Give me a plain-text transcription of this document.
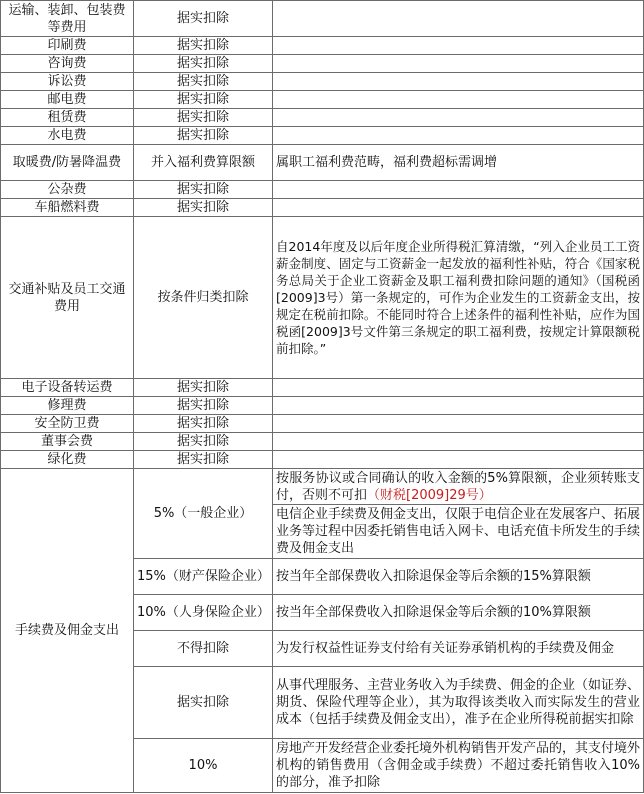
运输、装卸、包装费等费用	据实扣除	
印刷费	据实扣除	
咨询费	据实扣除	
诉讼费	据实扣除	
邮电费	据实扣除	
租赁费	据实扣除	
水电费	据实扣除	
取暖费/防暑降温费	并入福利费算限额	属职工福利费范畴，福利费超标需调增
公杂费	据实扣除	
车船燃料费	据实扣除	
交通补贴及员工交通费用	按条件归类扣除	自2014年度及以后年度企业所得税汇算清缴，“列入企业员工工资薪金制度、固定与工资薪金一起发放的福利性补贴，符合《国家税务总局关于企业工资薪金及职工福利费扣除问题的通知》（国税函[2009]3号）第一条规定的，可作为企业发生的工资薪金支出，按规定在税前扣除。不能同时符合上述条件的福利性补贴，应作为国税函[2009]3号文件第三条规定的职工福利费，按规定计算限额税前扣除。”
电子设备转运费	据实扣除	
修理费	据实扣除	
安全防卫费	据实扣除	
董事会费	据实扣除	
绿化费	据实扣除	
手续费及佣金支出	5%（一般企业）	按服务协议或合同确认的收入金额的5%算限额，企业须转账支付，否则不可扣（财税[2009]29号）
		电信企业手续费及佣金支出，仅限于电信企业在发展客户、拓展业务等过程中因委托销售电话入网卡、电话充值卡所发生的手续费及佣金支出
	15%（财产保险企业）	按当年全部保费收入扣除退保金等后余额的15%算限额
	10%（人身保险企业）	按当年全部保费收入扣除退保金等后余额的10%算限额
	不得扣除	为发行权益性证券支付给有关证券承销机构的手续费及佣金
	据实扣除	从事代理服务、主营业务收入为手续费、佣金的企业（如证券、期货、保险代理等企业），其为取得该类收入而实际发生的营业成本（包括手续费及佣金支出），准予在企业所得税前据实扣除
	10%	房地产开发经营企业委托境外机构销售开发产品的，其支付境外机构的销售费用（含佣金或手续费）不超过委托销售收入10%的部分，准予扣除
